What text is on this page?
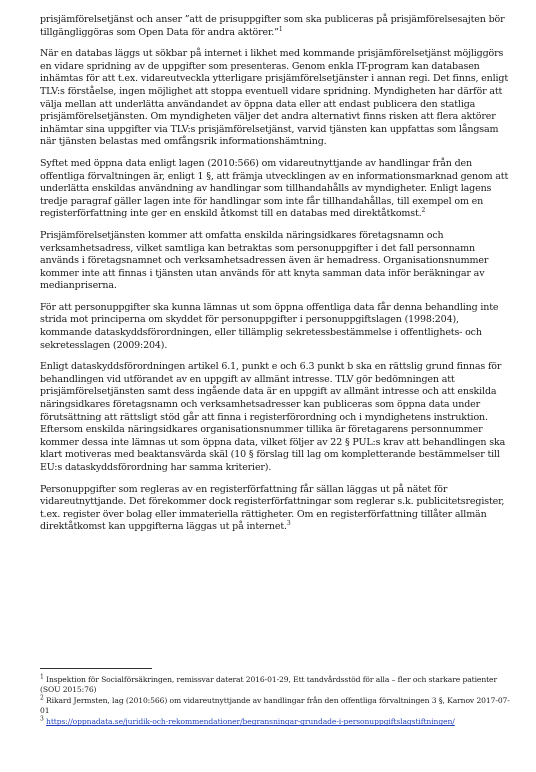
prisjämförelsetjänst och anser ”att de prisuppgifter som ska publiceras på prisjämförelsesajten bör tillgängliggöras som Open Data för andra aktörer.”$^1$

När en databas läggs ut sökbar på internet i likhet med kommande prisjämförelsetjänst möjliggörs en vidare spridning av de uppgifter som presenteras. Genom enkla IT-program kan databasen inhämtas för att t.ex. vidareutveckla ytterligare prisjämförelsetjänster i annan regi. Det finns, enligt TLV:s förståelse, ingen möjlighet att stoppa eventuell vidare spridning. Myndigheten har därför att välja mellan att underlätta användandet av öppna data eller att endast publicera den statliga prisjämförelsetjänsten. Om myndigheten väljer det andra alternativt finns risken att flera aktörer inhämtar sina uppgifter via TLV:s prisjämförelsetjänst, varvid tjänsten kan uppfattas som långsam när tjänsten belastas med omfångsrik informationshämtning.

Syftet med öppna data enligt lagen (2010:566) om vidareutnyttjande av handlingar från den offentliga förvaltningen är, enligt 1 §, att främja utvecklingen av en informationsmarknad genom att underlätta enskildas användning av handlingar som tillhandahålls av myndigheter. Enligt lagens tredje paragraf gäller lagen inte för handlingar som inte får tillhandahållas, till exempel om en registerförfattning inte ger en enskild åtkomst till en databas med direktåtkomst.$^2$

Prisjämförelsetjänsten kommer att omfatta enskilda näringsidkares företagsnamn och verksamhetsadress, vilket samtliga kan betraktas som personuppgifter i det fall personnamn används i företagsnamnet och verksamhetsadressen även är hemadress. Organisationsnummer kommer inte att finnas i tjänsten utan används för att knyta samman data inför beräkningar av medianpriserna.

För att personuppgifter ska kunna lämnas ut som öppna offentliga data får denna behandling inte strida mot principerna om skyddet för personuppgifter i personuppgiftslagen (1998:204), kommande dataskyddsförordningen, eller tillämplig sekretessbestämmelse i offentlighets- och sekretesslagen (2009:204).

Enligt dataskyddsförordningen artikel 6.1, punkt e och 6.3 punkt b ska en rättslig grund finnas för behandlingen vid utförandet av en uppgift av allmänt intresse. TLV gör bedömningen att prisjämförelsetjänsten samt dess ingående data är en uppgift av allmänt intresse och att enskilda näringsidkares företagsnamn och verksamhetsadresser kan publiceras som öppna data under förutsättning att rättsligt stöd går att finna i registerförordning och i myndighetens instruktion. Eftersom enskilda näringsidkares organisationsnummer tillika är företagarens personnummer kommer dessa inte lämnas ut som öppna data, vilket följer av 22 § PUL:s krav att behandlingen ska klart motiveras med beaktansvärda skäl (10 § förslag till lag om kompletterande bestämmelser till EU:s dataskyddsförordning har samma kriterier).

Personuppgifter som regleras av en registerförfattning får sällan läggas ut på nätet för vidareutnyttjande. Det förekommer dock registerförfattningar som reglerar s.k. publicitetsregister, t.ex. register över bolag eller immateriella rättigheter. Om en registerförfattning tillåter allmän direktåtkomst kan uppgifterna läggas ut på internet.$^3$

$^1$ Inspektion för Socialförsäkringen, remissvar daterat 2016-01-29, Ett tandvårdsstöd för alla – fler och starkare patienter (SOU 2015:76)

$^2$ Rikard Jermsten, lag (2010:566) om vidareutnyttjande av handlingar från den offentliga förvaltningen 3 §, Karnov 2017-07-01

$^3$ https://oppnadata.se/juridik-och-rekommendationer/begransningar-grundade-i-personuppgiftslagstiftningen/
